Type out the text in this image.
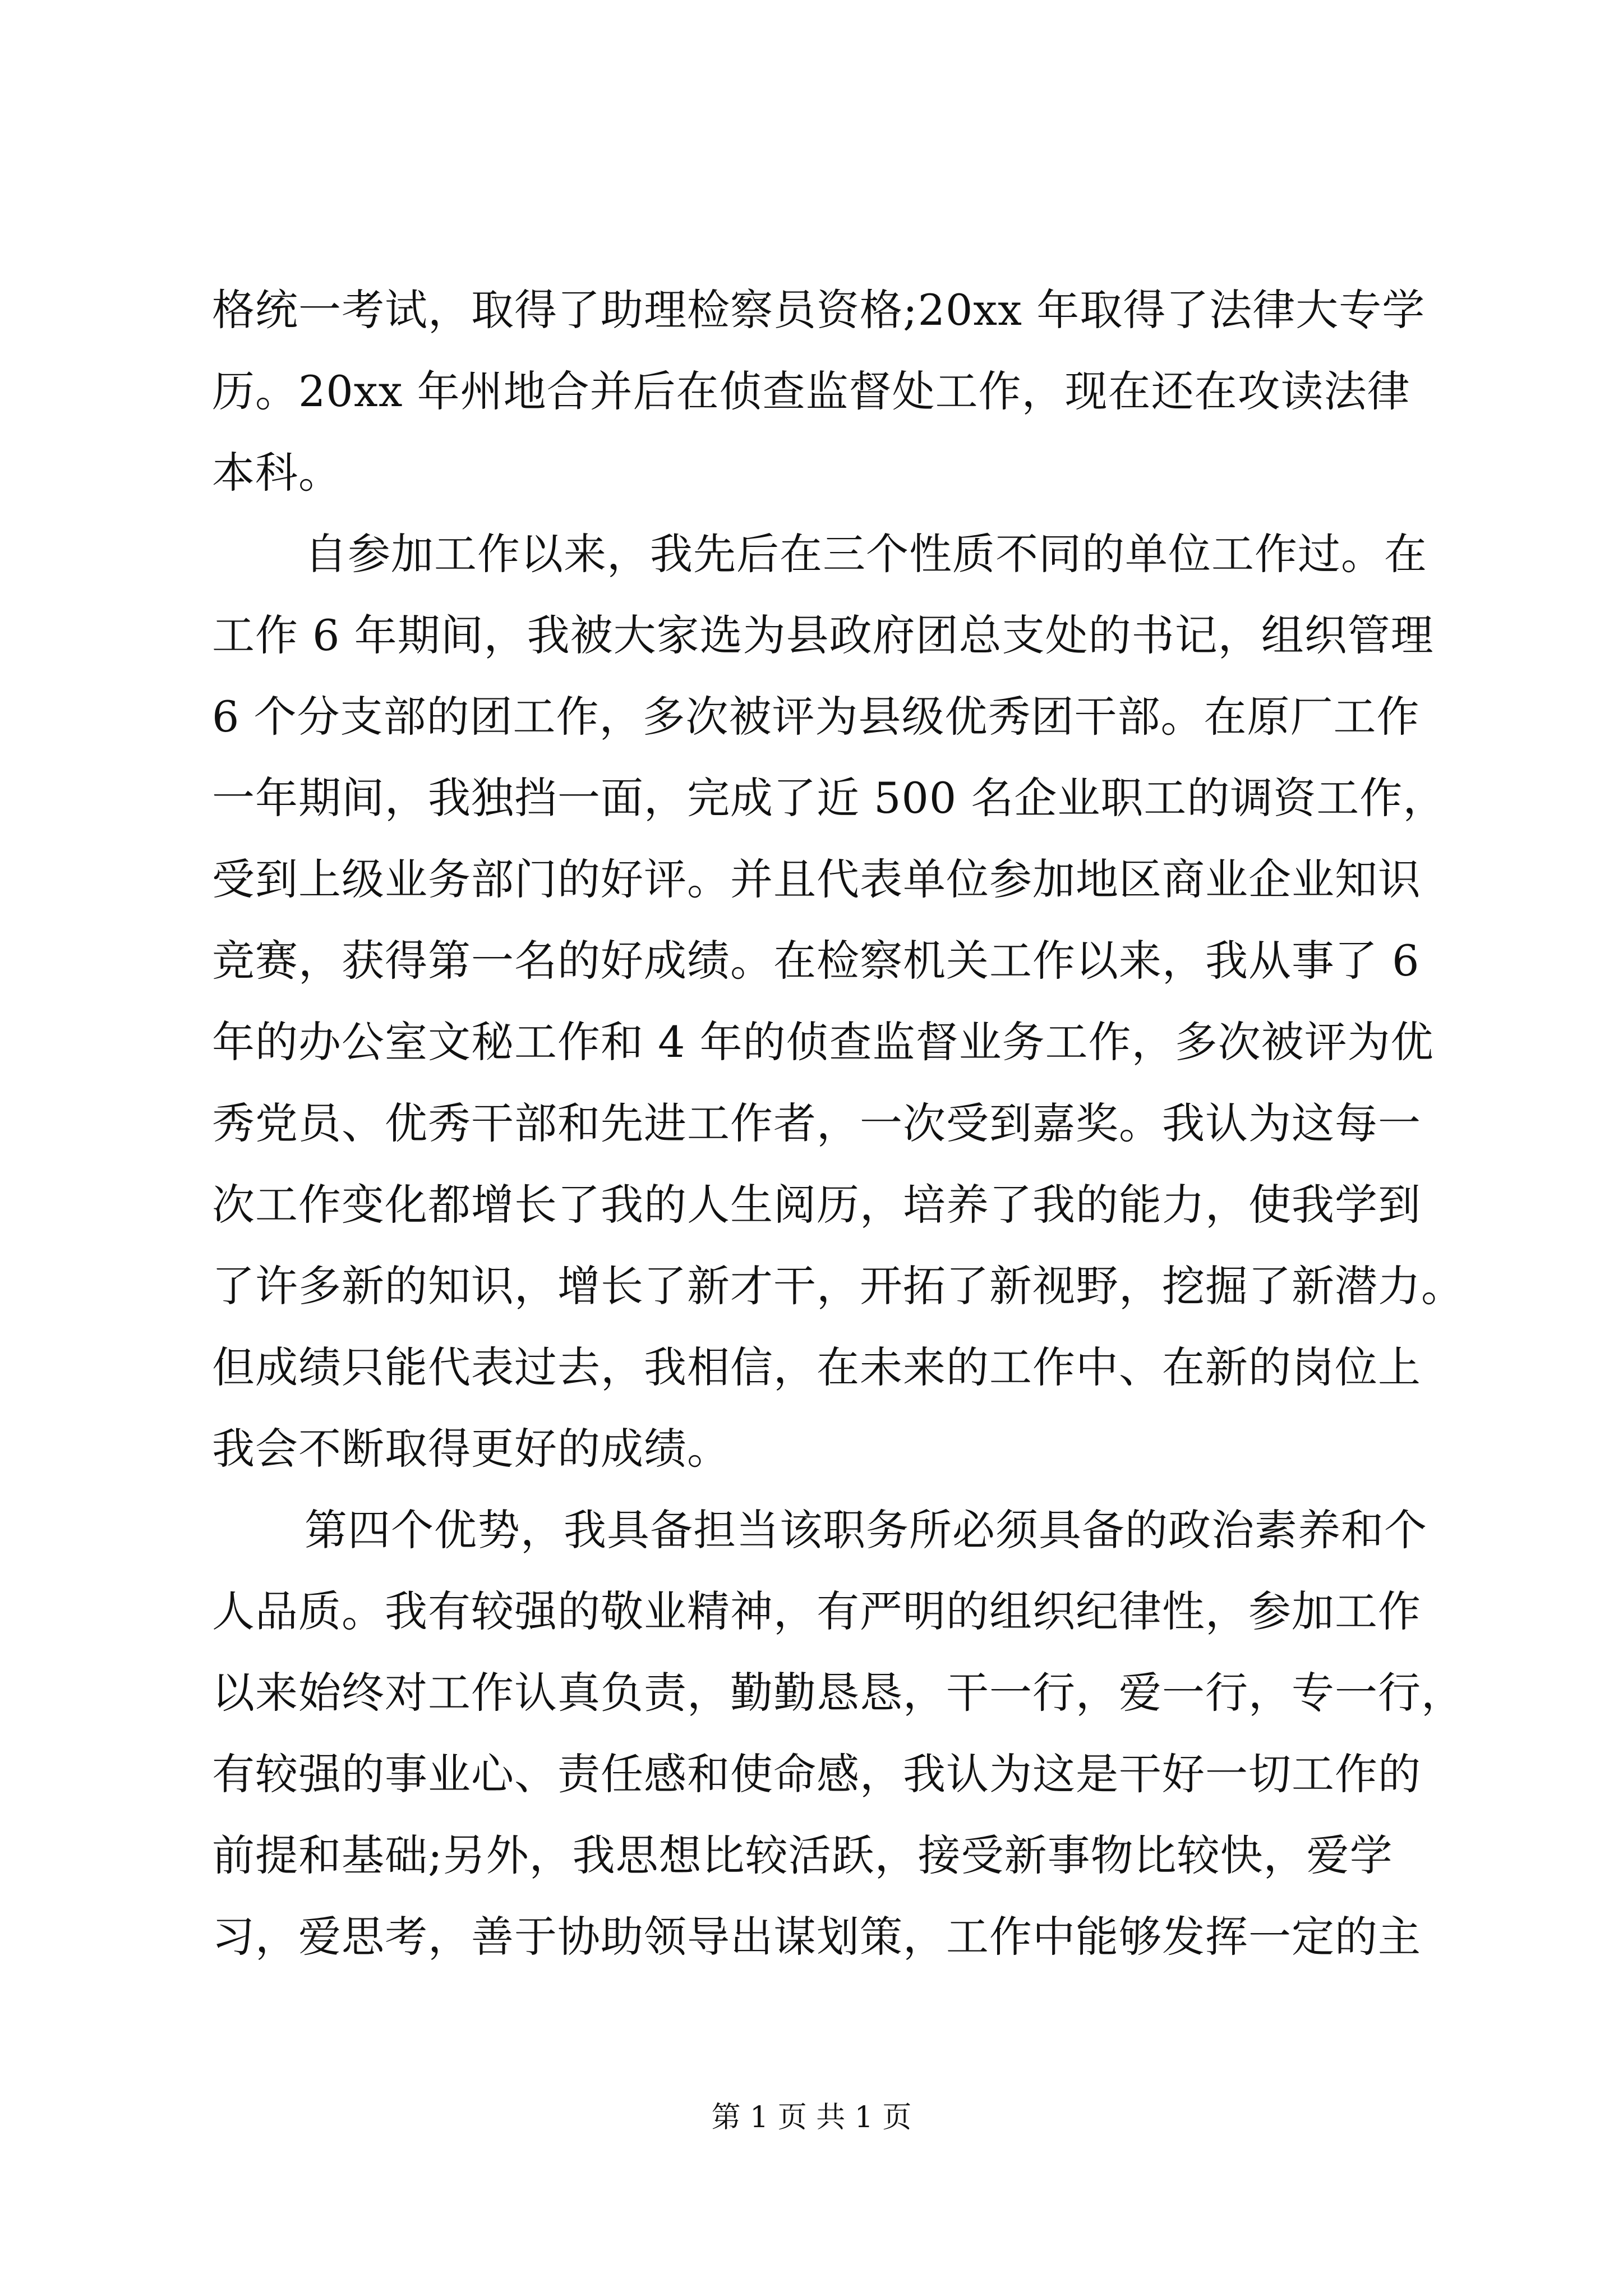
格统一考试，取得了助理检察员资格;20xx 年取得了法律大专学
历。20xx 年州地合并后在侦查监督处工作，现在还在攻读法律
本科。
自参加工作以来，我先后在三个性质不同的单位工作过。在
工作 6 年期间，我被大家选为县政府团总支处的书记，组织管理
6 个分支部的团工作，多次被评为县级优秀团干部。在原厂工作
一年期间，我独挡一面，完成了近 500 名企业职工的调资工作，
受到上级业务部门的好评。并且代表单位参加地区商业企业知识
竞赛，获得第一名的好成绩。在检察机关工作以来，我从事了 6
年的办公室文秘工作和 4 年的侦查监督业务工作，多次被评为优
秀党员、优秀干部和先进工作者，一次受到嘉奖。我认为这每一
次工作变化都增长了我的人生阅历，培养了我的能力，使我学到
了许多新的知识，增长了新才干，开拓了新视野，挖掘了新潜力。
但成绩只能代表过去，我相信，在未来的工作中、在新的岗位上
我会不断取得更好的成绩。
第四个优势，我具备担当该职务所必须具备的政治素养和个
人品质。我有较强的敬业精神，有严明的组织纪律性，参加工作
以来始终对工作认真负责，勤勤恳恳，干一行，爱一行，专一行，
有较强的事业心、责任感和使命感，我认为这是干好一切工作的
前提和基础;另外，我思想比较活跃，接受新事物比较快，爱学
习，爱思考，善于协助领导出谋划策，工作中能够发挥一定的主
第 1 页 共 1 页
